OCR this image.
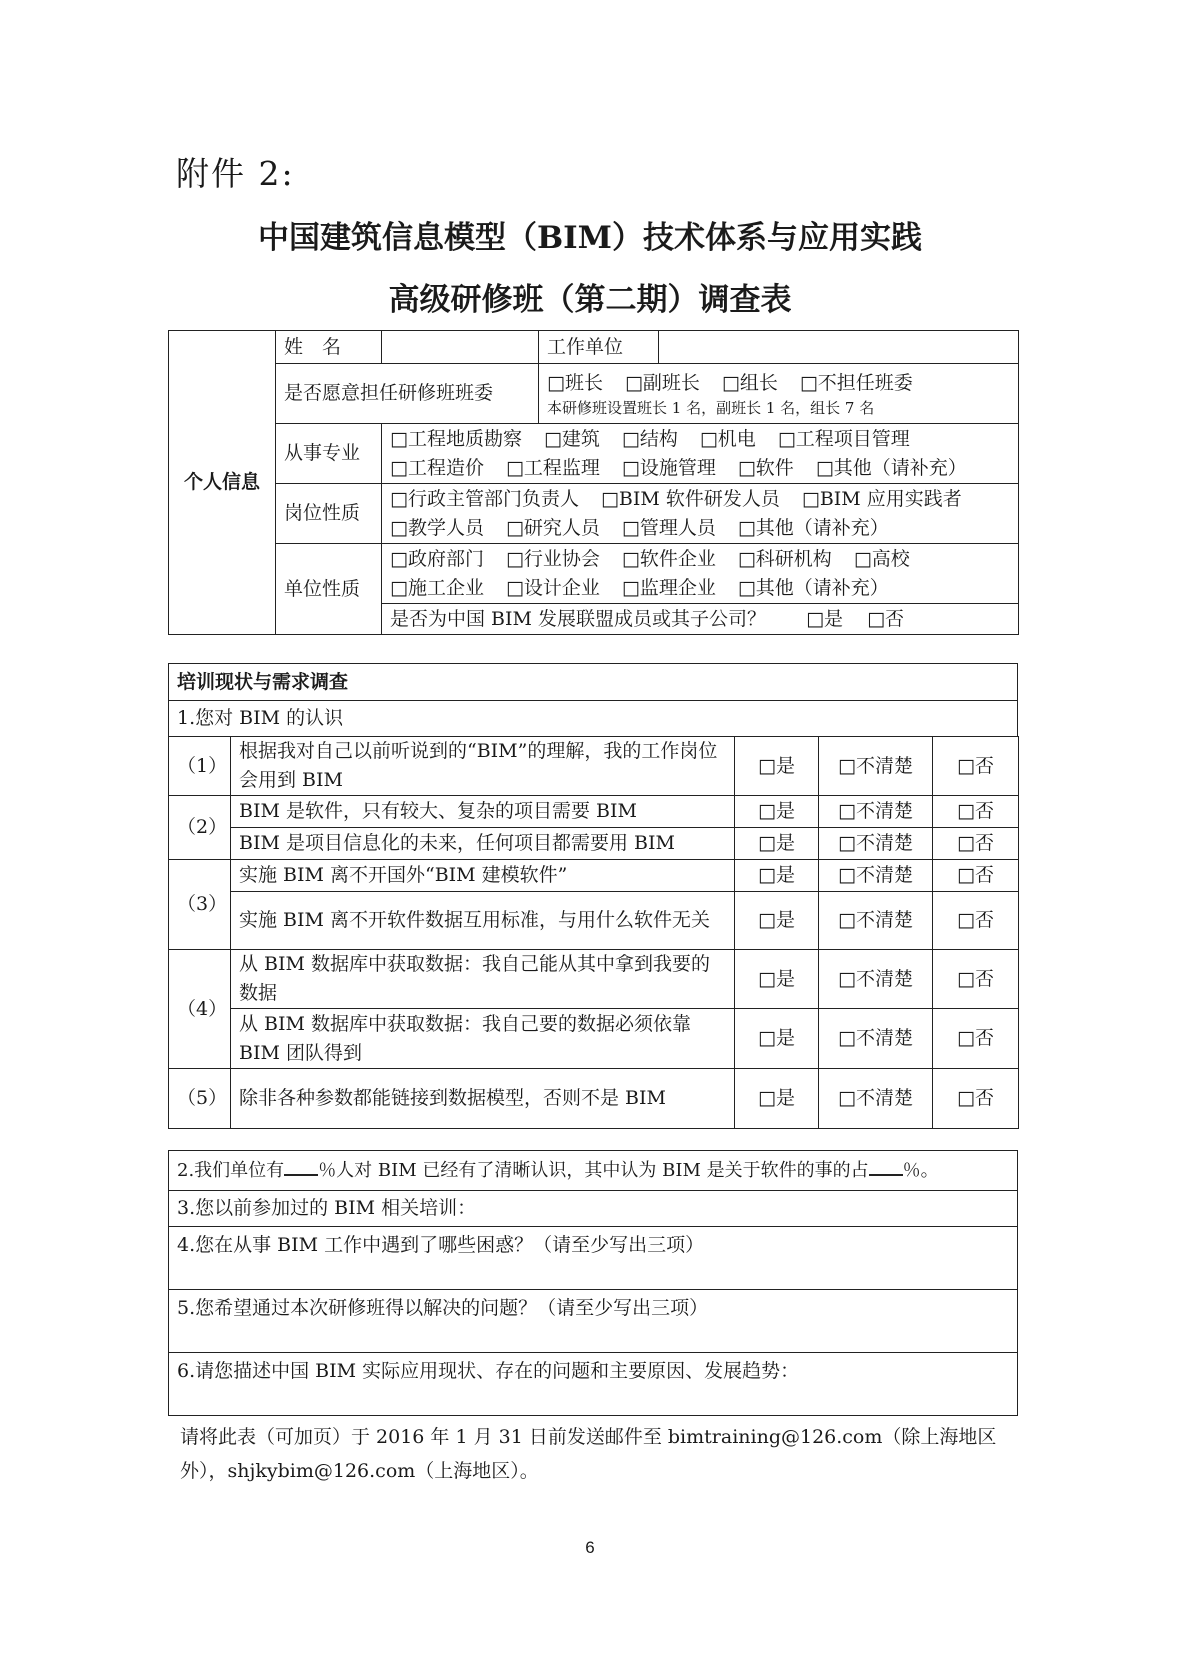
附件 2:
中国建筑信息模型（BIM）技术体系与应用实践
高级研修班（第二期）调查表
个人信息	姓　名		工作单位	
	是否愿意担任研修班班委		□班长 □副班长 □组长 □不担任班委
本研修班设置班长 1 名，副班长 1 名，组长 7 名	

	从事专业	□工程地质勘察 □建筑 □结构 □机电 □工程项目管理
□工程造价 □工程监理 □设施管理 □软件 □其他（请补充）		

	岗位性质	□行政主管部门负责人 □BIM 软件研发人员 □BIM 应用实践者
□教学人员 □研究人员 □管理人员 □其他（请补充）		

	单位性质	□政府部门 □行业协会 □软件企业 □科研机构 □高校
□施工企业 □设计企业 □监理企业 □其他（请补充）		

		是否为中国 BIM 发展联盟成员或其子公司？ □是 □否		
培训现状与需求调查
1.您对 BIM 的认识
（1）	根据我对自己以前听说到的“BIM”的理解，我的工作岗位会用到 BIM	□是	□不清楚	□否
（2）	BIM 是软件，只有较大、复杂的项目需要 BIM	□是	□不清楚	□否
	BIM 是项目信息化的未来，任何项目都需要用 BIM	□是	□不清楚	□否
（3）	实施 BIM 离不开国外“BIM 建模软件”	□是	□不清楚	□否
	实施 BIM 离不开软件数据互用标准，与用什么软件无关	□是	□不清楚	□否
（4）	从 BIM 数据库中获取数据：我自己能从其中拿到我要的数据	□是	□不清楚	□否
	从 BIM 数据库中获取数据：我自己要的数据必须依靠 BIM 团队得到	□是	□不清楚	□否
（5）	除非各种参数都能链接到数据模型，否则不是 BIM	□是	□不清楚	□否
2.我们单位有 ％人对 BIM 已经有了清晰认识，其中认为 BIM 是关于软件的事的占 ％。
3.您以前参加过的 BIM 相关培训：
4.您在从事 BIM 工作中遇到了哪些困惑？（请至少写出三项）
5.您希望通过本次研修班得以解决的问题？（请至少写出三项）
6.请您描述中国 BIM 实际应用现状、存在的问题和主要原因、发展趋势：
请将此表（可加页）于 2016 年 1 月 31 日前发送邮件至 bimtraining@126.com（除上海地区外），shjkybim@126.com（上海地区）。
6
